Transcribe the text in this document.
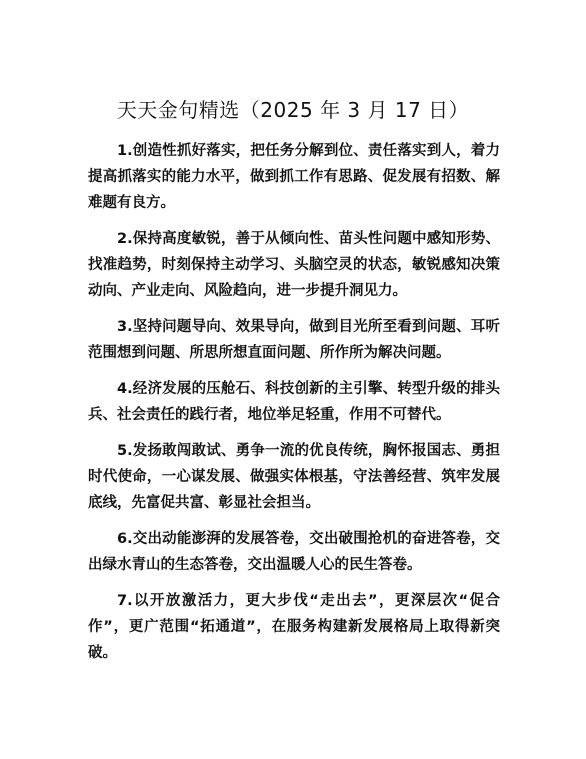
天天金句精选（2025 年 3 月 17 日）

1.创造性抓好落实，把任务分解到位、责任落实到人，着力提高抓落实的能力水平，做到抓工作有思路、促发展有招数、解难题有良方。

2.保持高度敏锐，善于从倾向性、苗头性问题中感知形势、找准趋势，时刻保持主动学习、头脑空灵的状态，敏锐感知决策动向、产业走向、风险趋向，进一步提升洞见力。

3.坚持问题导向、效果导向，做到目光所至看到问题、耳听范围想到问题、所思所想直面问题、所作所为解决问题。

4.经济发展的压舱石、科技创新的主引擎、转型升级的排头兵、社会责任的践行者，地位举足轻重，作用不可替代。

5.发扬敢闯敢试、勇争一流的优良传统，胸怀报国志、勇担时代使命，一心谋发展、做强实体根基，守法善经营、筑牢发展底线，先富促共富、彰显社会担当。

6.交出动能澎湃的发展答卷，交出破围抢机的奋进答卷，交出绿水青山的生态答卷，交出温暖人心的民生答卷。

7.以开放激活力，更大步伐“走出去”，更深层次“促合作”，更广范围“拓通道”，在服务构建新发展格局上取得新突破。
